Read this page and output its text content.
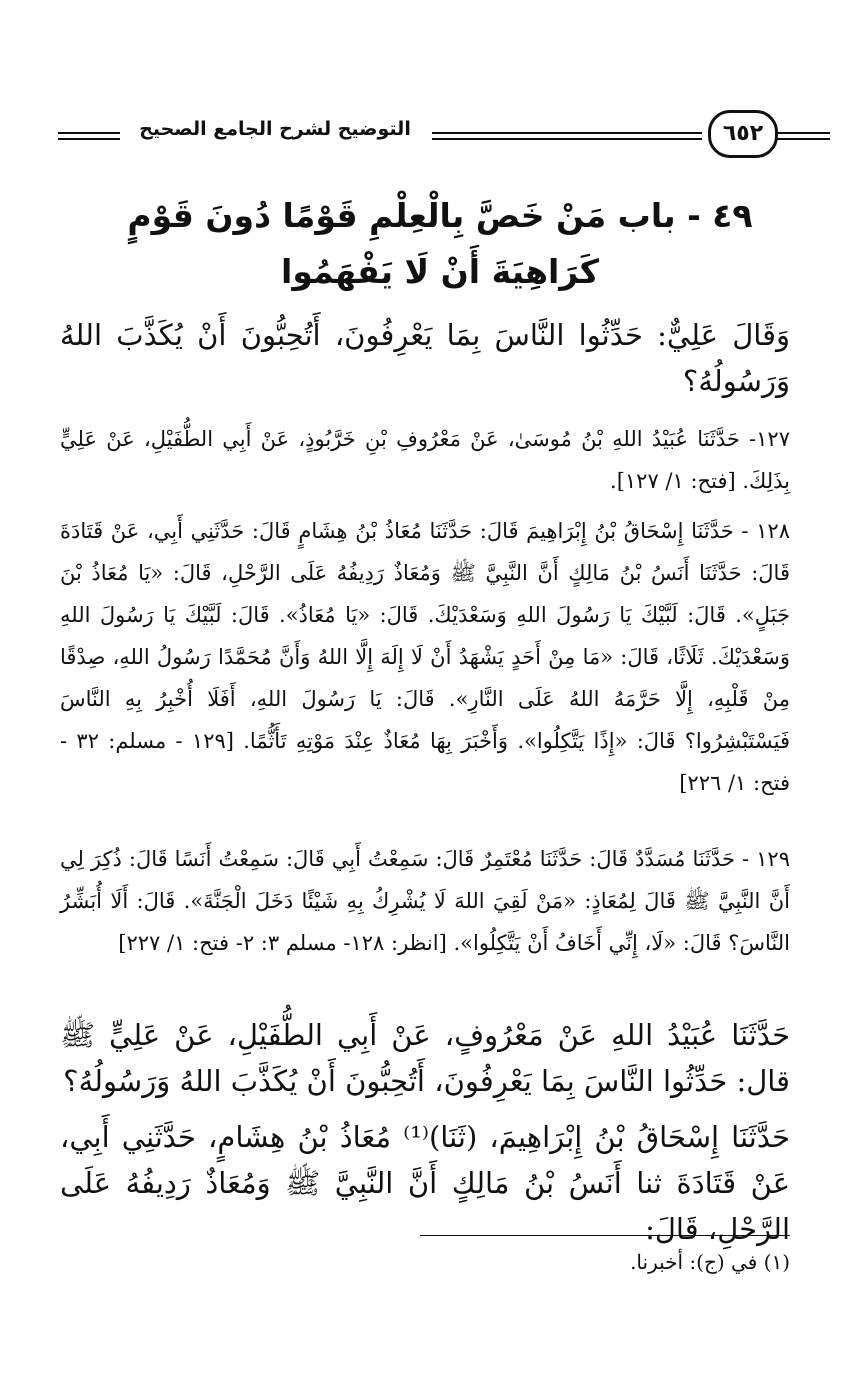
التوضيح لشرح الجامع الصحيح	٦٥٢
٤٩ - باب مَنْ خَصَّ بِالْعِلْمِ قَوْمًا دُونَ قَوْمٍ
كَرَاهِيَةَ أَنْ لَا يَفْهَمُوا
وَقَالَ عَلِيٌّ: حَدِّثُوا النَّاسَ بِمَا يَعْرِفُونَ، أَتُحِبُّونَ أَنْ يُكَذَّبَ اللهُ وَرَسُولُهُ؟
١٢٧- حَدَّثَنَا عُبَيْدُ اللهِ بْنُ مُوسَىٰ، عَنْ مَعْرُوفِ بْنِ خَرَّبُوذٍ، عَنْ أَبِي الطُّفَيْلِ، عَنْ عَلِيٍّ بِذَلِكَ. [فتح: ١/ ١٢٧].
١٢٨ - حَدَّثَنَا إِسْحَاقُ بْنُ إِبْرَاهِيمَ قَالَ: حَدَّثَنَا مُعَاذُ بْنُ هِشَامٍ قَالَ: حَدَّثَنِي أَبِي، عَنْ قَتَادَةَ قَالَ: حَدَّثَنَا أَنَسُ بْنُ مَالِكٍ أَنَّ النَّبِيَّ ﷺ وَمُعَاذٌ رَدِيفُهُ عَلَى الرَّحْلِ، قَالَ: «يَا مُعَاذُ بْنَ جَبَلٍ». قَالَ: لَبَّيْكَ يَا رَسُولَ اللهِ وَسَعْدَيْكَ. قَالَ: «يَا مُعَاذُ». قَالَ: لَبَّيْكَ يَا رَسُولَ اللهِ وَسَعْدَيْكَ. ثَلَاثًا، قَالَ: «مَا مِنْ أَحَدٍ يَشْهَدُ أَنْ لَا إِلَهَ إِلَّا اللهُ وَأَنَّ مُحَمَّدًا رَسُولُ اللهِ، صِدْقًا مِنْ قَلْبِهِ، إِلَّا حَرَّمَهُ اللهُ عَلَى النَّارِ». قَالَ: يَا رَسُولَ اللهِ، أَفَلَا أُخْبِرُ بِهِ النَّاسَ فَيَسْتَبْشِرُوا؟ قَالَ: «إِذًا يَتَّكِلُوا». وَأَخْبَرَ بِهَا مُعَاذٌ عِنْدَ مَوْتِهِ تَأَثُّمًا. [١٢٩ - مسلم: ٣٢ - فتح: ١/ ٢٢٦]
١٢٩ - حَدَّثَنَا مُسَدَّدٌ قَالَ: حَدَّثَنَا مُعْتَمِرٌ قَالَ: سَمِعْتُ أَبِي قَالَ: سَمِعْتُ أَنَسًا قَالَ: ذُكِرَ لِي أَنَّ النَّبِيَّ ﷺ قَالَ لِمُعَاذٍ: «مَنْ لَقِيَ اللهَ لَا يُشْرِكُ بِهِ شَيْئًا دَخَلَ الْجَنَّةَ». قَالَ: أَلَا أُبَشِّرُ النَّاسَ؟ قَالَ: «لَا، إِنِّي أَخَافُ أَنْ يَتَّكِلُوا». [انظر: ١٢٨- مسلم ٣: ٢- فتح: ١/ ٢٢٧]
حَدَّثَنَا عُبَيْدُ اللهِ عَنْ مَعْرُوفٍ، عَنْ أَبِي الطُّفَيْلِ، عَنْ عَلِيٍّ ﷺ قال: حَدِّثُوا النَّاسَ بِمَا يَعْرِفُونَ، أَتُحِبُّونَ أَنْ يُكَذَّبَ اللهُ وَرَسُولُهُ؟
حَدَّثَنَا إِسْحَاقُ بْنُ إِبْرَاهِيمَ، (ثَنَا)⁽¹⁾ مُعَاذُ بْنُ هِشَامٍ، حَدَّثَنِي أَبِي، عَنْ قَتَادَةَ ثنا أَنَسُ بْنُ مَالِكٍ أَنَّ النَّبِيَّ ﷺ وَمُعَاذٌ رَدِيفُهُ عَلَى الرَّحْلِ، قَالَ:
(١) في (ج): أخبرنا.
